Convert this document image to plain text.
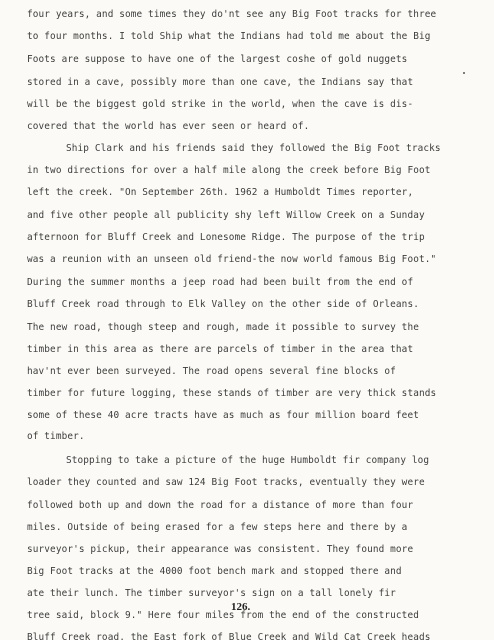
four years, and some times they do'nt see any Big Foot tracks for three
to four months. I told Ship what the Indians had told me about the Big
Foots are suppose to have one of the largest coshe of gold nuggets
stored in a cave, possibly more than one cave, the Indians say that
will be the biggest gold strike in the world, when the cave is dis-
covered that the world has ever seen or heard of.
Ship Clark and his friends said they followed the Big Foot tracks
in two directions for over a half mile along the creek before Big Foot
left the creek. "On September 26th. 1962 a Humboldt Times reporter,
and five other people all publicity shy left Willow Creek on a Sunday
afternoon for Bluff Creek and Lonesome Ridge. The purpose of the trip
was a reunion with an unseen old friend-the now world famous Big Foot."
During the summer months a jeep road had been built from the end of
Bluff Creek road through to Elk Valley on the other side of Orleans.
The new road, though steep and rough, made it possible to survey the
timber in this area as there are parcels of timber in the area that
hav'nt ever been surveyed. The road opens several fine blocks of
timber for future logging, these stands of timber are very thick stands
some of these 40 acre tracts have as much as four million board feet
of timber.
Stopping to take a picture of the huge Humboldt fir company log
loader they counted and saw 124 Big Foot tracks, eventually they were
followed both up and down the road for a distance of more than four
miles. Outside of being erased for a few steps here and there by a
surveyor's pickup, their appearance was consistent. They found more
Big Foot tracks at the 4000 foot bench mark and stopped there and
ate their lunch. The timber surveyor's sign on a tall lonely fir
tree said, block 9." Here four miles from the end of the constructed
Bluff Creek road, the East fork of Blue Creek and Wild Cat Creek heads
126.
